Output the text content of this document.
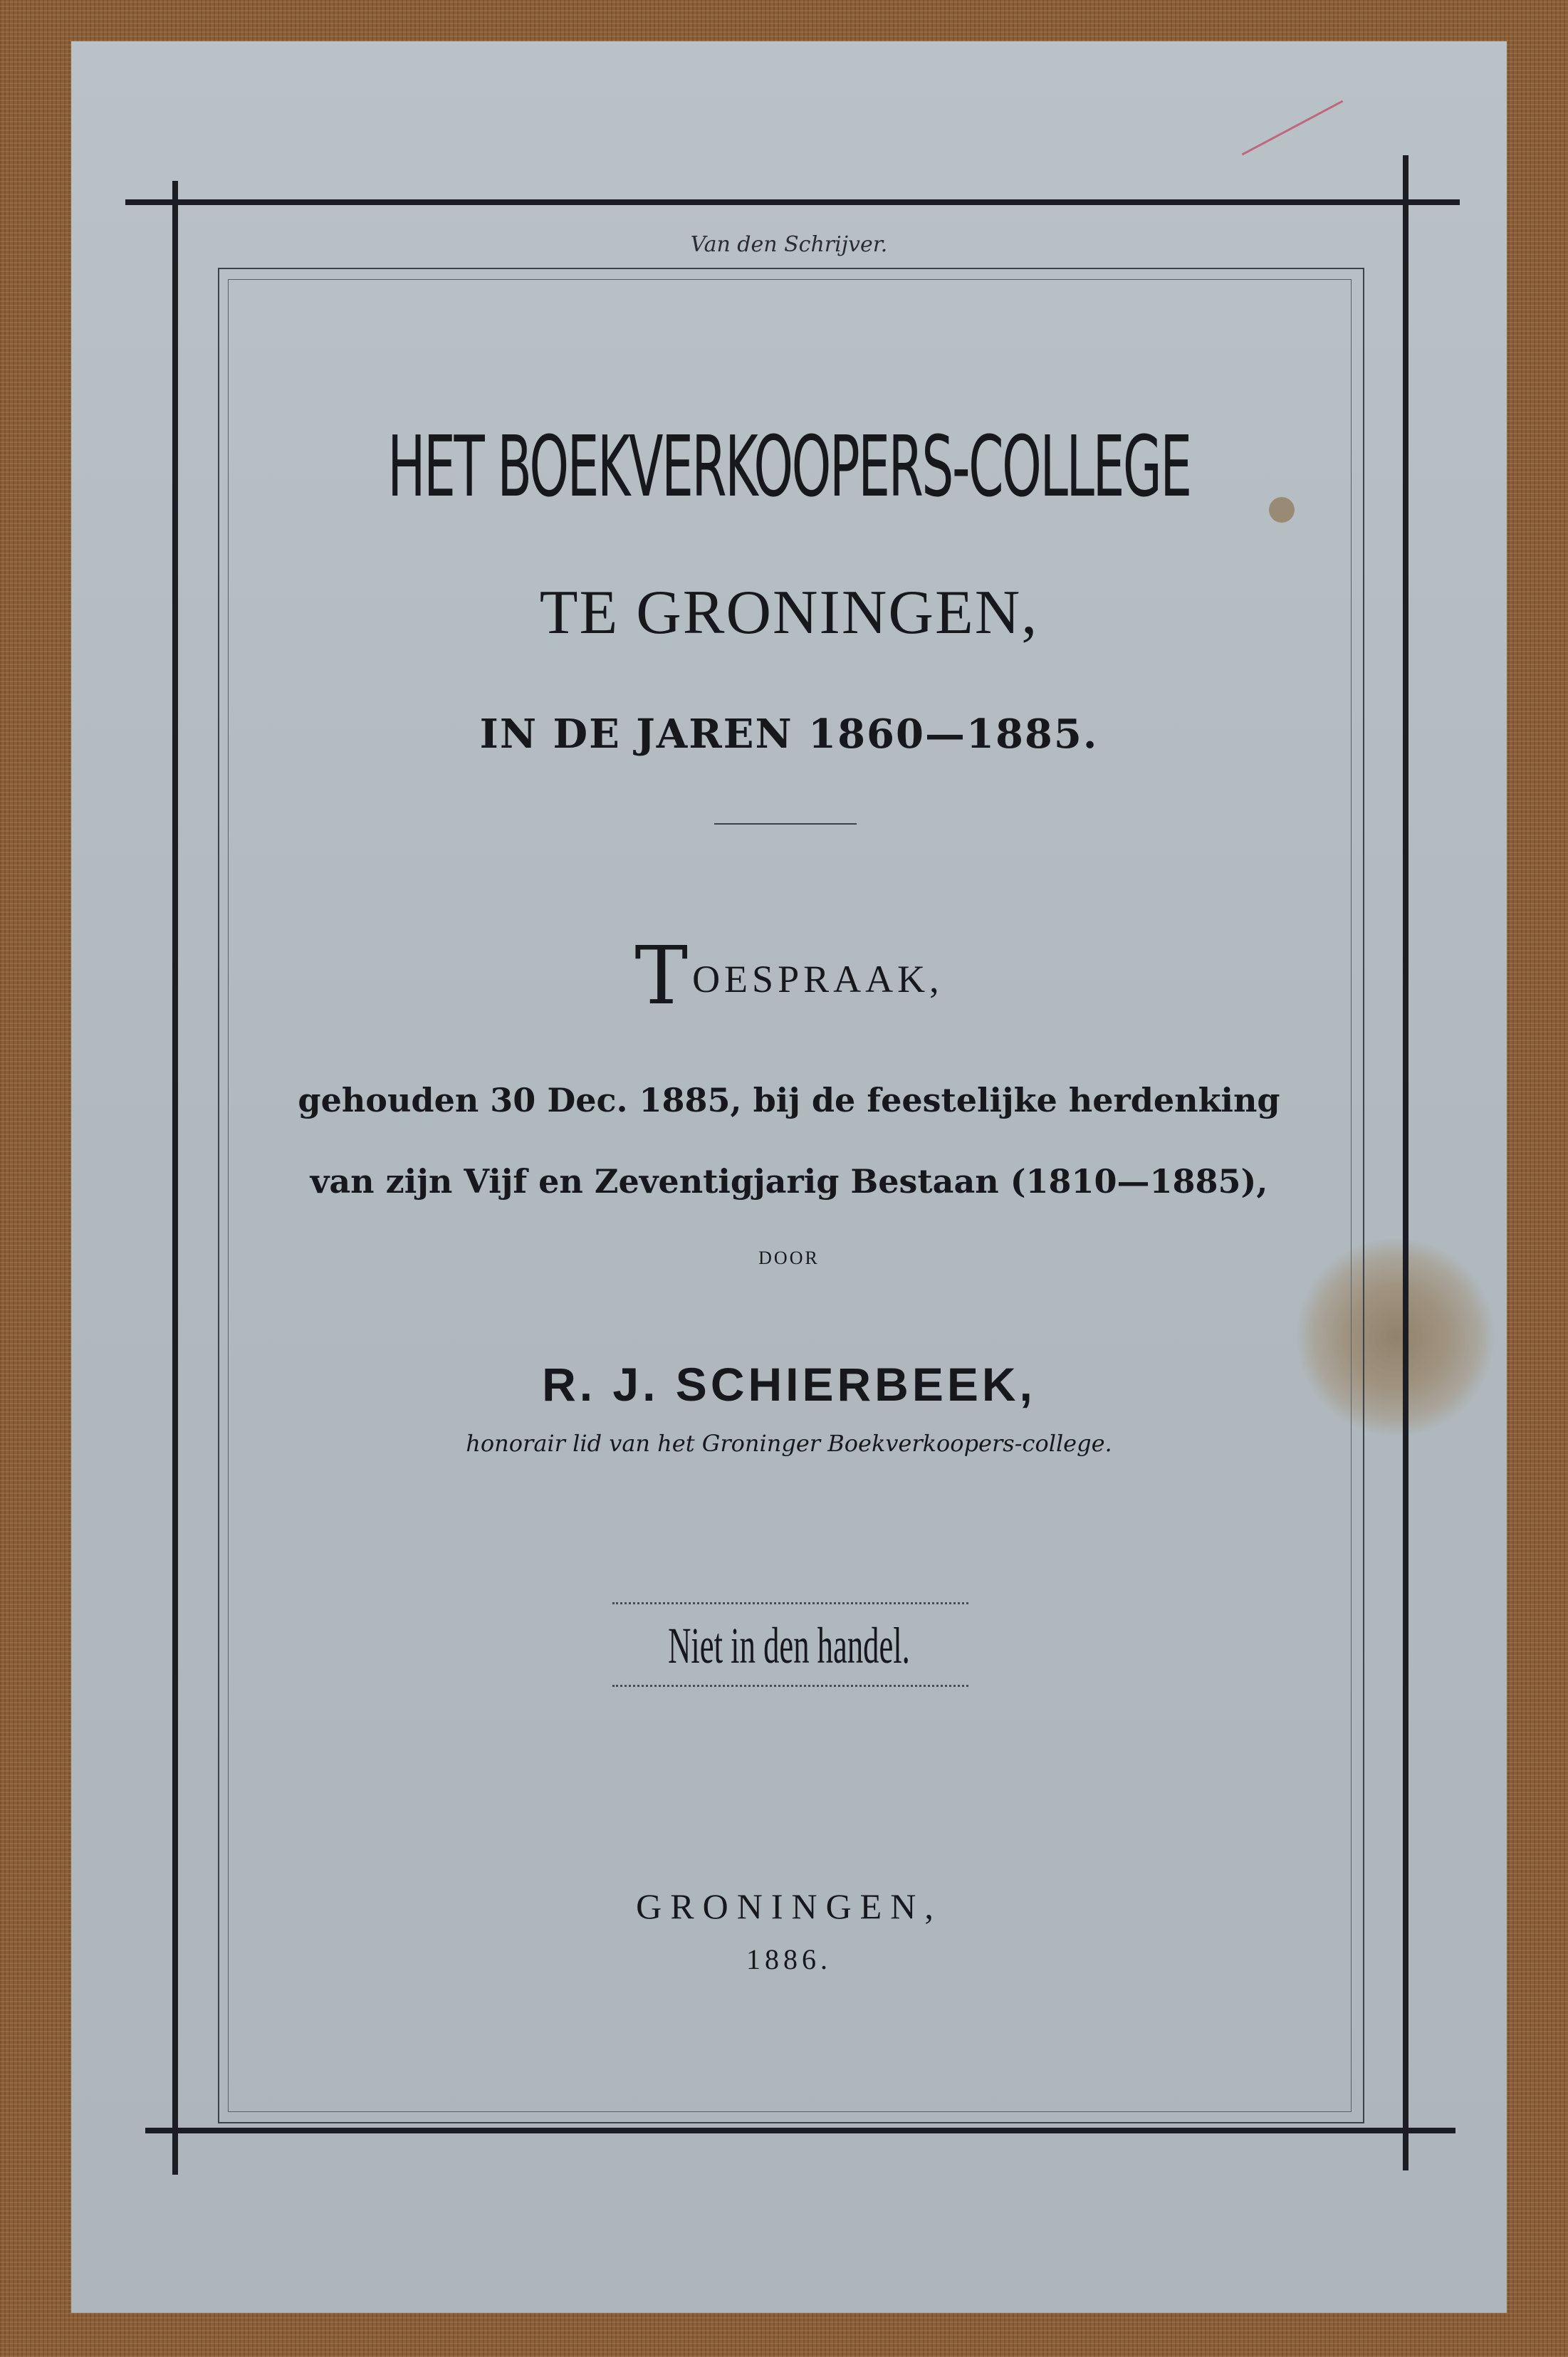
Van den Schrijver.
HET BOEKVERKOOPERS-COLLEGE
TE GRONINGEN,
IN DE JAREN 1860—1885.
TOESPRAAK,
gehouden 30 Dec. 1885, bij de feestelijke herdenking
van zijn Vijf en Zeventigjarig Bestaan (1810—1885),
DOOR
R. J. SCHIERBEEK,
honorair lid van het Groninger Boekverkoopers-college.
Niet in den handel.
GRONINGEN,
1886.
